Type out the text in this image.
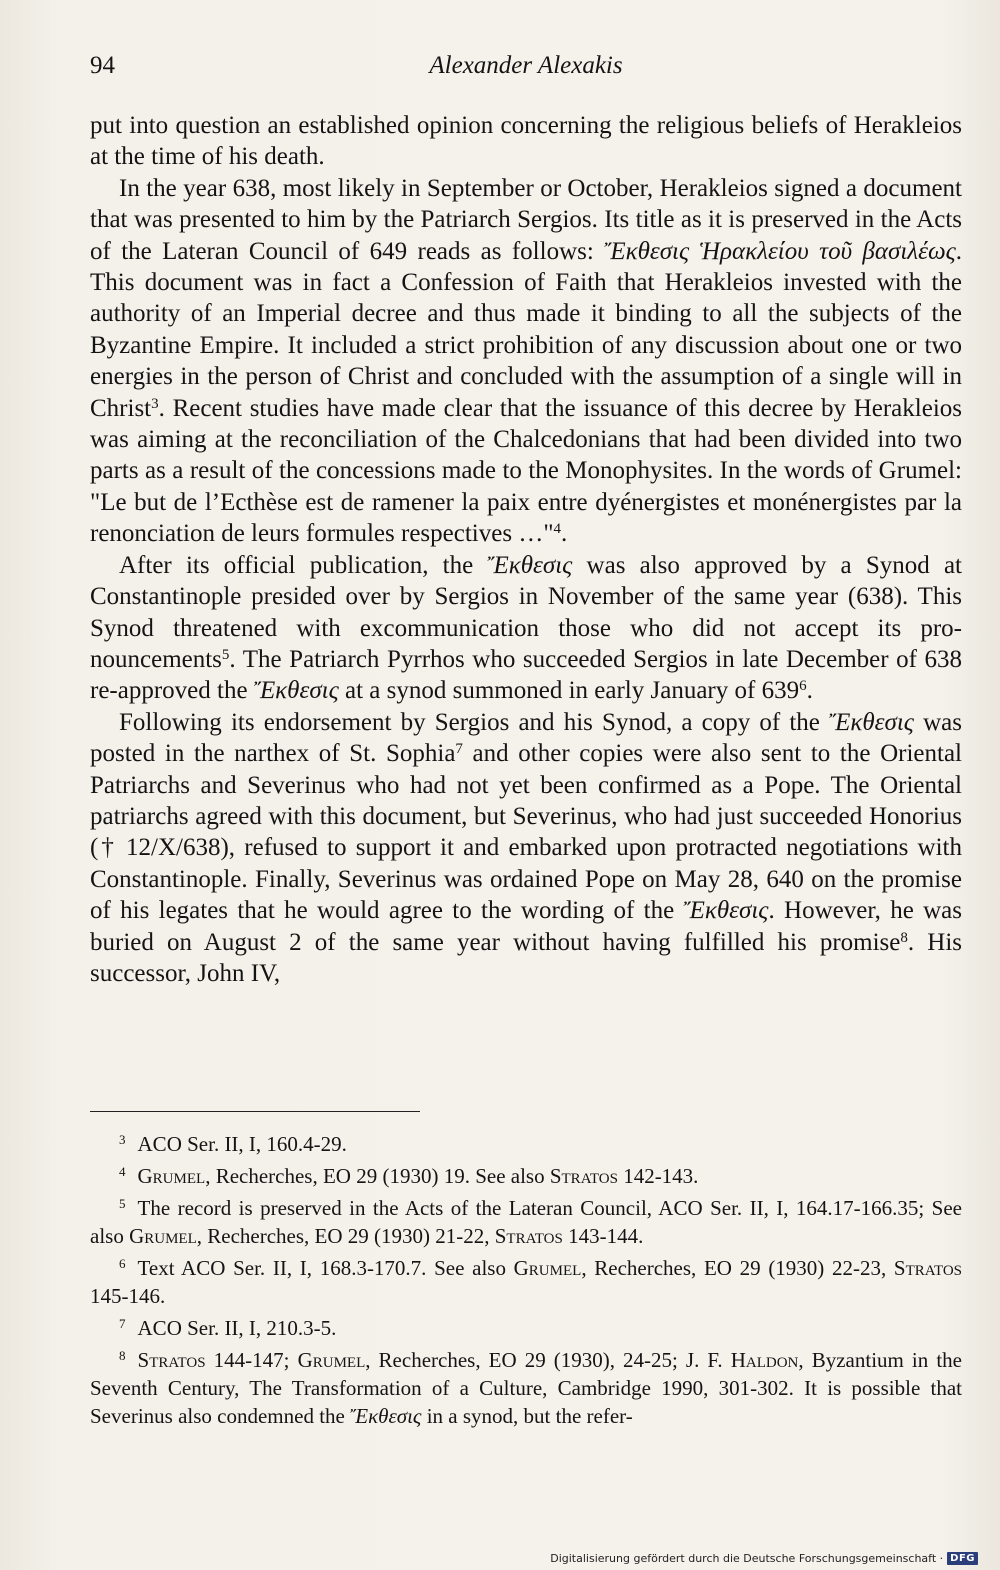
94	Alexander Alexakis

put into question an established opinion concerning the religious beliefs of Herakleios at the time of his death.

In the year 638, most likely in September or October, Herakleios signed a document that was presented to him by the Patriarch Sergios. Its title as it is preserved in the Acts of the Lateran Council of 649 reads as follows: Ἔκθεσις Ἡρακλείου τοῦ βασιλέως. This document was in fact a Confession of Faith that Herakleios invested with the authority of an Imperial decree and thus made it binding to all the subjects of the Byzantine Empire. It included a strict prohibition of any discussion about one or two energies in the person of Christ and concluded with the assumption of a single will in Christ$^3$. Recent studies have made clear that the issuance of this decree by Herakleios was aiming at the reconciliation of the Chalcedonians that had been divided into two parts as a result of the concessions made to the Monophysites. In the words of Grumel: "Le but de l’Ecthèse est de ramener la paix entre dyénergistes et monénergistes par la renonciation de leurs formules respectives …"$^4$.

After its official publication, the Ἔκθεσις was also approved by a Synod at Constantinople presided over by Sergios in November of the same year (638). This Synod threatened with excommunication those who did not accept its pronouncements$^5$. The Patriarch Pyrrhos who succeeded Sergios in late December of 638 re-approved the Ἔκθεσις at a synod summoned in early January of $639^6$.

Following its endorsement by Sergios and his Synod, a copy of the Ἔκθεσις was posted in the narthex of St. Sophia$^7$ and other copies were also sent to the Oriental Patriarchs and Severinus who had not yet been confirmed as a Pope. The Oriental patriarchs agreed with this document, but Severinus, who had just succeeded Honorius († 12/X/638), refused to support it and embarked upon protracted negotiations with Constantinople. Finally, Severinus was ordained Pope on May 28, 640 on the promise of his legates that he would agree to the wording of the Ἔκθεσις. However, he was buried on August 2 of the same year without having fulfilled his promise$^8$. His successor, John IV,

$^3$ ACO Ser. II, I, 160.4-29.

$^4$ Grumel, Recherches, EO 29 (1930) 19. See also Stratos 142-143.

$^5$ The record is preserved in the Acts of the Lateran Council, ACO Ser. II, I, 164.17-166.35; See also Grumel, Recherches, EO 29 (1930) 21-22, Stratos 143-144.

$^6$ Text ACO Ser. II, I, 168.3-170.7. See also Grumel, Recherches, EO 29 (1930) 22-23, Stratos 145-146.

$^7$ ACO Ser. II, I, 210.3-5.

$^8$ Stratos 144-147; Grumel, Recherches, EO 29 (1930), 24-25; J. F. Haldon, Byzantium in the Seventh Century, The Transformation of a Culture, Cambridge 1990, 301-302. It is possible that Severinus also condemned the Ἔκθεσις in a synod, but the refer-

Digitalisierung gefördert durch die Deutsche Forschungsgemeinschaft · DFG
